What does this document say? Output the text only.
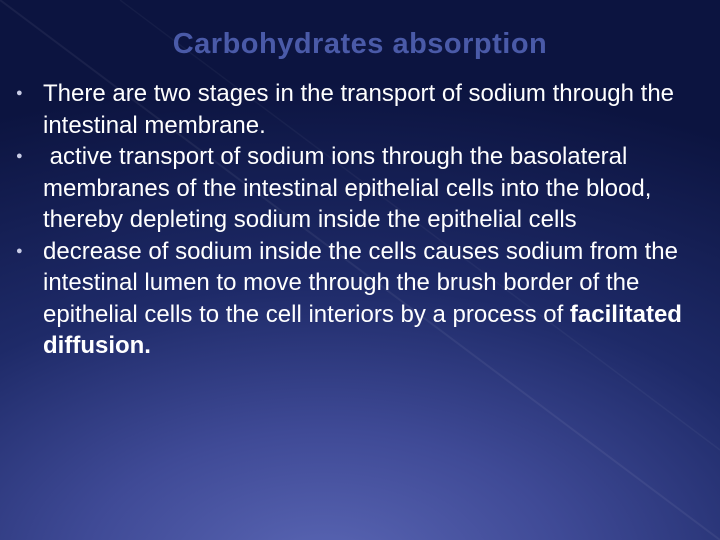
Carbohydrates absorption
● There are two stages in the transport of sodium through the intestinal membrane.
● active transport of sodium ions through the basolateral membranes of the intestinal epithelial cells into the blood, thereby depleting sodium inside the epithelial cells
● decrease of sodium inside the cells causes sodium from the intestinal lumen to move through the brush border of the epithelial cells to the cell interiors by a process of facilitated diffusion.
